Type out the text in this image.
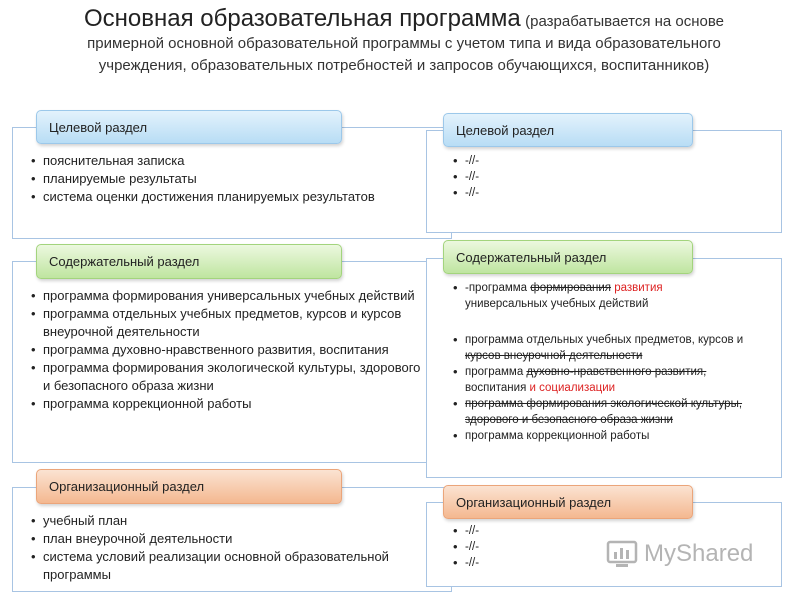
Основная образовательная программа (разрабатывается на основе
примерной основной образовательной программы с учетом типа и вида образовательного
учреждения, образовательных потребностей и запросов обучающихся, воспитанников)
• пояснительная записка
• планируемые результаты
• система оценки достижения планируемых результатов
Целевой раздел
• программа формирования универсальных учебных действий
• программа отдельных учебных предметов, курсов и курсов внеурочной деятельности
• программа духовно-нравственного развития, воспитания
• программа формирования экологической культуры, здорового и безопасного образа жизни
• программа коррекционной работы
Содержательный раздел
• учебный план
• план внеурочной деятельности
• система условий реализации основной образовательной программы
Организационный раздел
• -//-
• -//-
• -//-
Целевой раздел
• -программа формирования развития
универсальных учебных действий
• программа отдельных учебных предметов, курсов и курсов внеурочной деятельности
• программа духовно-нравственного развития, воспитания и социализации
• программа формирования экологической культуры, здорового и безопасного образа жизни
• программа коррекционной работы
Содержательный раздел
• -//-
• -//-
• -//-
Организационный раздел
MyShared
